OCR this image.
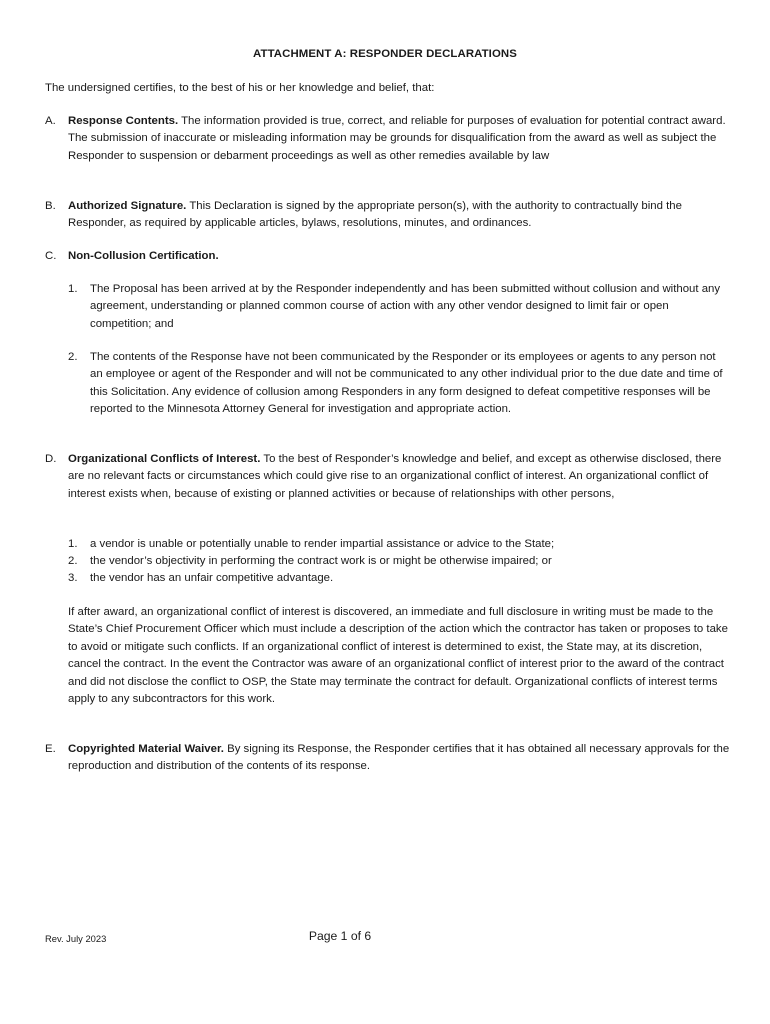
ATTACHMENT A: RESPONDER DECLARATIONS
The undersigned certifies, to the best of his or her knowledge and belief, that:
A. Response Contents. The information provided is true, correct, and reliable for purposes of evaluation for potential contract award. The submission of inaccurate or misleading information may be grounds for disqualification from the award as well as subject the Responder to suspension or debarment proceedings as well as other remedies available by law
B. Authorized Signature. This Declaration is signed by the appropriate person(s), with the authority to contractually bind the Responder, as required by applicable articles, bylaws, resolutions, minutes, and ordinances.
C. Non-Collusion Certification.
1. The Proposal has been arrived at by the Responder independently and has been submitted without collusion and without any agreement, understanding or planned common course of action with any other vendor designed to limit fair or open competition; and
2. The contents of the Response have not been communicated by the Responder or its employees or agents to any person not an employee or agent of the Responder and will not be communicated to any other individual prior to the due date and time of this Solicitation. Any evidence of collusion among Responders in any form designed to defeat competitive responses will be reported to the Minnesota Attorney General for investigation and appropriate action.
D. Organizational Conflicts of Interest. To the best of Responder’s knowledge and belief, and except as otherwise disclosed, there are no relevant facts or circumstances which could give rise to an organizational conflict of interest. An organizational conflict of interest exists when, because of existing or planned activities or because of relationships with other persons,
1. a vendor is unable or potentially unable to render impartial assistance or advice to the State;
2. the vendor’s objectivity in performing the contract work is or might be otherwise impaired; or
3. the vendor has an unfair competitive advantage.
If after award, an organizational conflict of interest is discovered, an immediate and full disclosure in writing must be made to the State’s Chief Procurement Officer which must include a description of the action which the contractor has taken or proposes to take to avoid or mitigate such conflicts. If an organizational conflict of interest is determined to exist, the State may, at its discretion, cancel the contract. In the event the Contractor was aware of an organizational conflict of interest prior to the award of the contract and did not disclose the conflict to OSP, the State may terminate the contract for default. Organizational conflicts of interest terms apply to any subcontractors for this work.
E. Copyrighted Material Waiver. By signing its Response, the Responder certifies that it has obtained all necessary approvals for the reproduction and distribution of the contents of its response.
Rev. July 2023	Page 1 of 6
